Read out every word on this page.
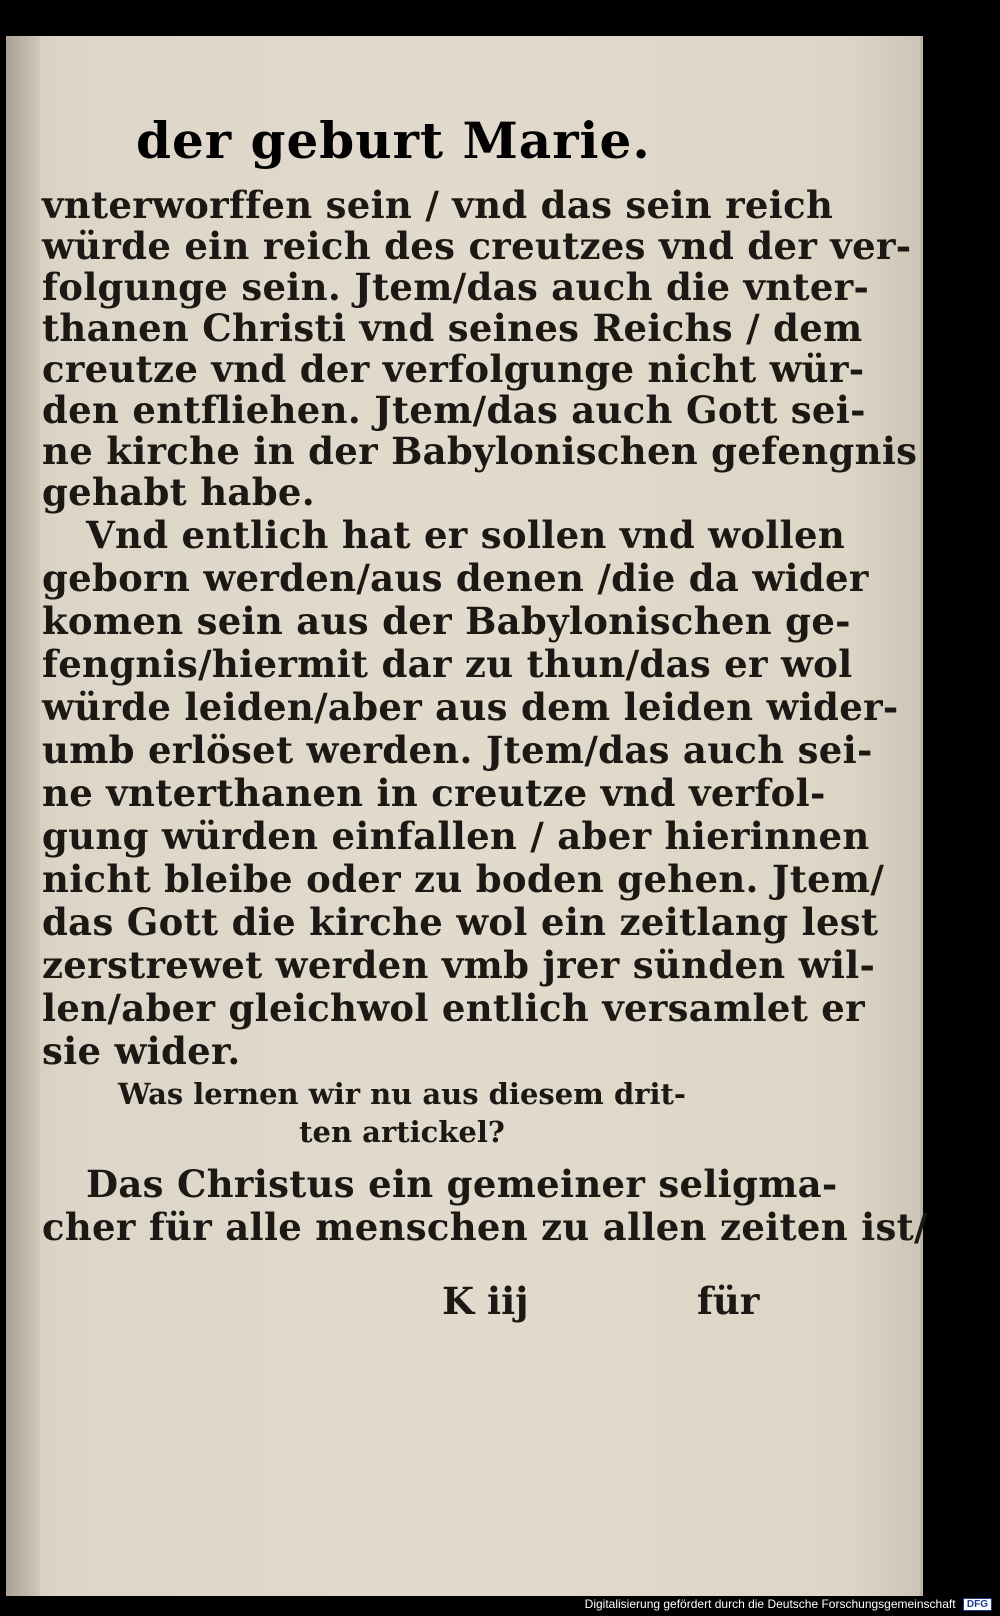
der geburt Marie.
vnterworffen sein / vnd das sein reich
würde ein reich des creutzes vnd der ver-
folgunge sein. Jtem/das auch die vnter-
thanen Christi vnd seines Reichs / dem
creutze vnd der verfolgunge nicht wür-
den entfliehen. Jtem/das auch Gott sei-
ne kirche in der Babylonischen gefengnis
gehabt habe.
Vnd entlich hat er sollen vnd wollen
geborn werden/aus denen /die da wider
komen sein aus der Babylonischen ge-
fengnis/hiermit dar zu thun/das er wol
würde leiden/aber aus dem leiden wider-
umb erlöset werden. Jtem/das auch sei-
ne vnterthanen in creutze vnd verfol-
gung würden einfallen / aber hierinnen
nicht bleibe oder zu boden gehen. Jtem/
das Gott die kirche wol ein zeitlang lest
zerstrewet werden vmb jrer sünden wil-
len/aber gleichwol entlich versamlet er
sie wider.
Was lernen wir nu aus diesem drit-
ten artickel?
Das Christus ein gemeiner seligma-
cher für alle menschen zu allen zeiten ist/
K iij	für
Digitalisierung gefördert durch die Deutsche Forschungsgemeinschaft DFG
